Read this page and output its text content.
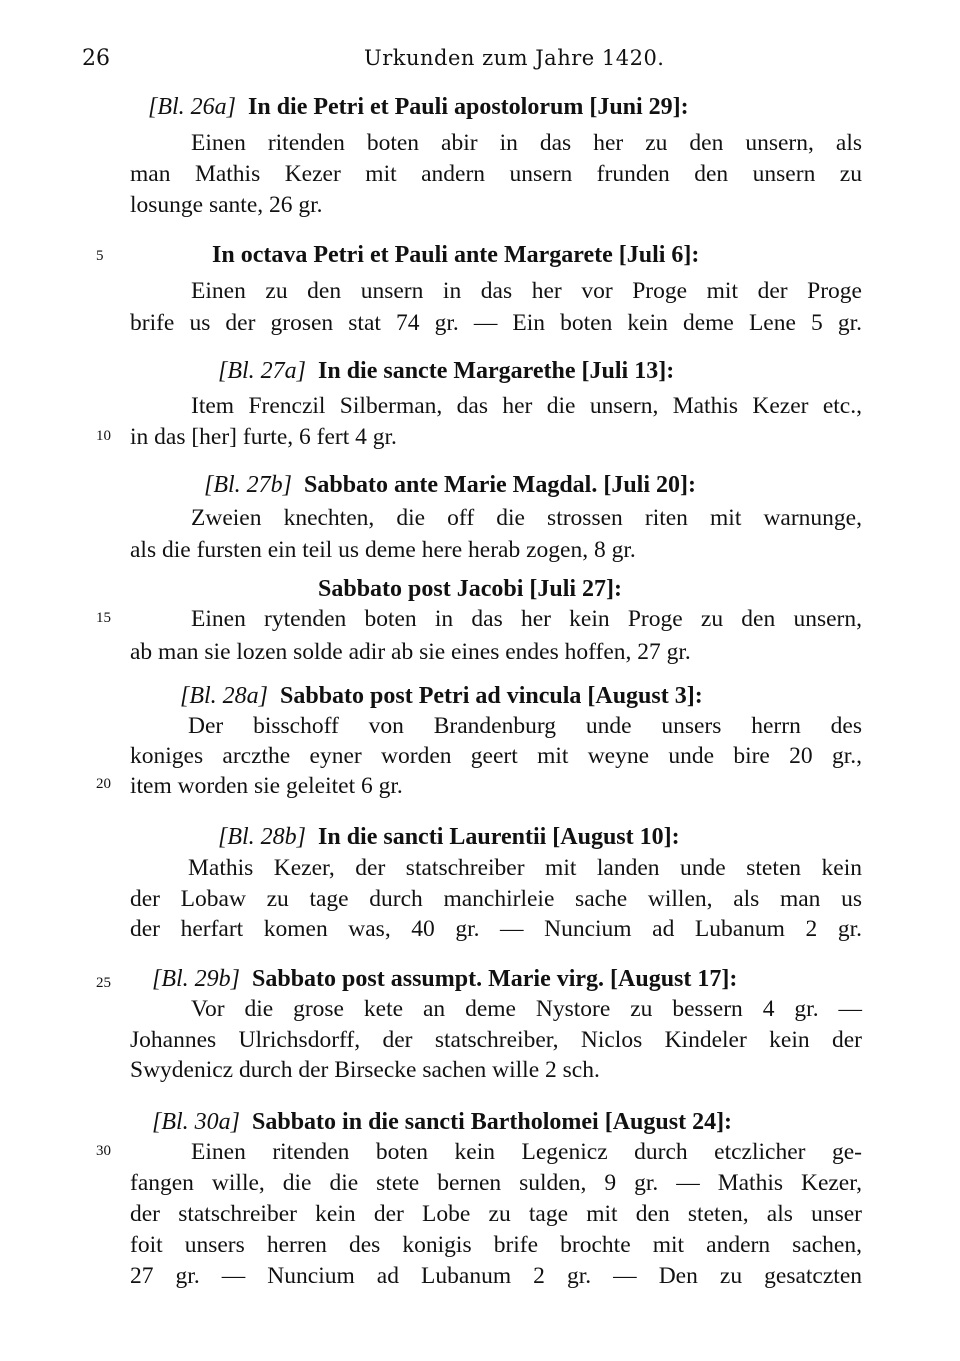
26	Urkunden zum Jahre 1420.
5
10
15
20
25
30
[Bl. 26a] In die Petri et Pauli apostolorum [Juni 29]:
Einen ritenden boten abir in das her zu den unsern, als
man Mathis Kezer mit andern unsern frunden den unsern zu
losunge sante, 26 gr.
In octava Petri et Pauli ante Margarete [Juli 6]:
Einen zu den unsern in das her vor Proge mit der Proge
brife us der grosen stat 74 gr. — Ein boten kein deme Lene 5 gr.
[Bl. 27a] In die sancte Margarethe [Juli 13]:
Item Frenczil Silberman, das her die unsern, Mathis Kezer etc.,
in das [her] furte, 6 fert 4 gr.
[Bl. 27b] Sabbato ante Marie Magdal. [Juli 20]:
Zweien knechten, die off die strossen riten mit warnunge,
als die fursten ein teil us deme here herab zogen, 8 gr.
Sabbato post Jacobi [Juli 27]:
Einen rytenden boten in das her kein Proge zu den unsern,
ab man sie lozen solde adir ab sie eines endes hoffen, 27 gr.
[Bl. 28a] Sabbato post Petri ad vincula [August 3]:
Der bisschoff von Brandenburg unde unsers herrn des
koniges arczthe eyner worden geert mit weyne unde bire 20 gr.,
item worden sie geleitet 6 gr.
[Bl. 28b] In die sancti Laurentii [August 10]:
Mathis Kezer, der statschreiber mit landen unde steten kein
der Lobaw zu tage durch manchirleie sache willen, als man us
der herfart komen was, 40 gr. — Nuncium ad Lubanum 2 gr.
[Bl. 29b] Sabbato post assumpt. Marie virg. [August 17]:
Vor die grose kete an deme Nystore zu bessern 4 gr. —
Johannes Ulrichsdorff, der statschreiber, Niclos Kindeler kein der
Swydenicz durch der Birsecke sachen wille 2 sch.
[Bl. 30a] Sabbato in die sancti Bartholomei [August 24]:
Einen ritenden boten kein Legenicz durch etczlicher ge-
fangen wille, die die stete bernen sulden, 9 gr. — Mathis Kezer,
der statschreiber kein der Lobe zu tage mit den steten, als unser
foit unsers herren des konigis brife brochte mit andern sachen,
27 gr. — Nuncium ad Lubanum 2 gr. — Den zu gesatczten
